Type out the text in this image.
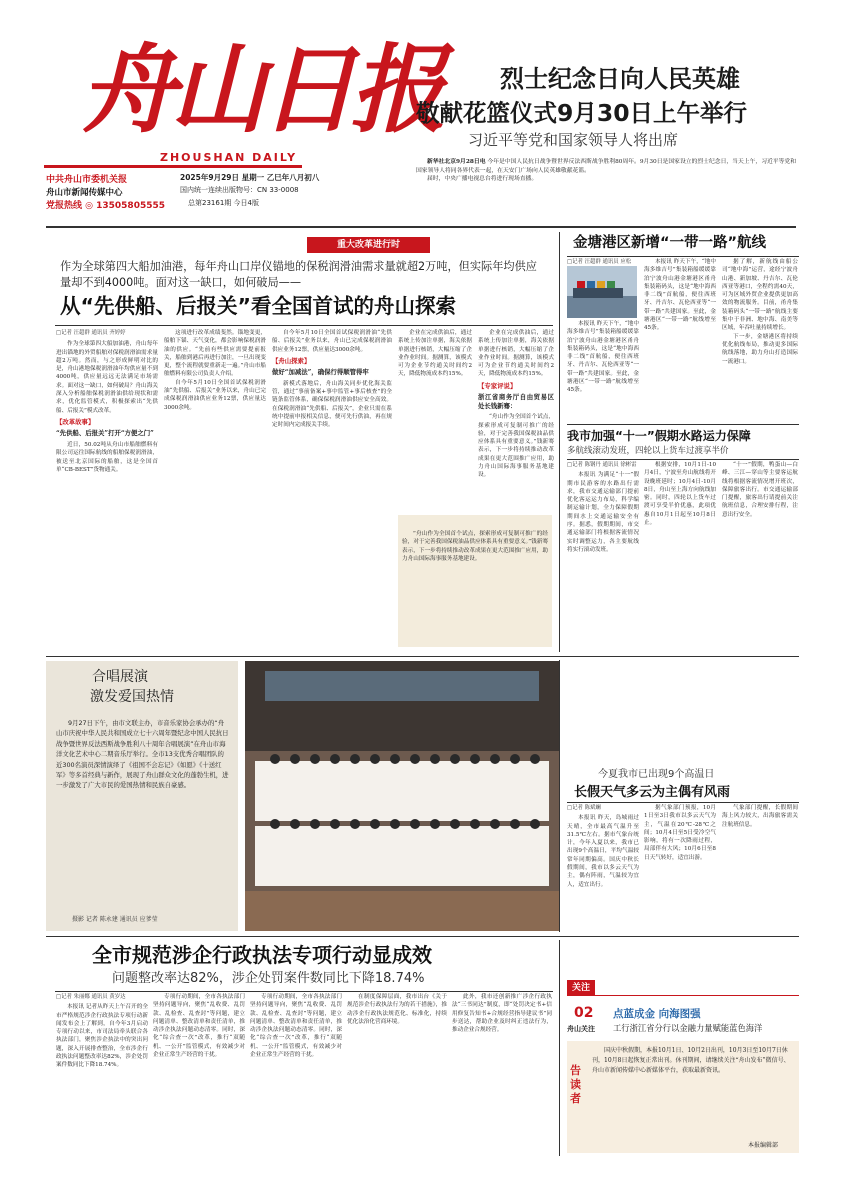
舟山日报
ZHOUSHAN DAILY
中共舟山市委机关报
舟山市新闻传媒中心
党报热线 ◎ 13505805555
2025年9月29日 星期一 乙巳年八月初八
国内统一连续出版物号：CN 33-0008
总第23161期 今日4版
烈士纪念日向人民英雄
敬献花篮仪式9月30日上午举行
习近平等党和国家领导人将出席

新华社北京9月28日电 今年是中国人民抗日战争暨世界反法西斯战争胜利80周年。9月30日是国家设立的烈士纪念日，当天上午，习近平等党和国家领导人将同各界代表一起，在天安门广场向人民英雄敬献花篮。

届时，中央广播电视总台将进行现场直播。

重大改革进行时
作为全球第四大船加油港，每年舟山口岸仪锚地的保税润滑油需求量就超2万吨，但实际年均供应量却不到4000吨。面对这一缺口，如何破局——
从“先供船、后报关”看全国首试的舟山探索
□记者 汪超群 通讯员 齐婷婷

作为全球第四大船加油港，舟山每年进出锚地的外贸船舶对保税润滑油需求量超2万吨。然而，与之形成鲜明对比的是，舟山港地保税润滑油年均供应量不到4000吨，供应量远远无法满足市场需求。面对这一缺口，如何破局？舟山海关深入分析船舶保税润滑油供给现状和需求，优化监管模式，积极探索出“先供船、后报关”模式改革。

【改革故事】
“先供船、后报关”打开“方便之门”

近日，50.02吨从舟山市船舶燃料有限公司运往国际航线的船舶保税润滑油，被送至北京国际的船舶，这是全国首单“CB-BEST”货物通关。

这项进行改革成绩斐然。锚地变更，船舶下锚、天气变化，都会影响保税润滑油的供应。“先前有些供应需要提前报关，船舶到港后再进行加注，一旦出现变更，整个流程就要重新走一遍。”舟山市船舶燃料有限公司负责人介绍。

自今年5月10日全国首试保税润滑油“先供船、后报关”业务以来，舟山已完成保税润滑油供应业务12票，供应量达3000余吨。

自今年5月10日全国首试保税润滑油“先供船、后报关”业务以来，舟山已完成保税润滑油供应业务12票，供应量达3000余吨。

【舟山探索】
做好“加减法”，确保行得顺管得牢

新模式落地后，舟山海关同步优化海关监管，通过“事前备案+事中监管+事后核查”的全链条监管体系，确保保税润滑油供应安全高效。在保税润滑油“先供船、后报关”，企业只需在系统中提前申报相关信息，便可先行供油，再在规定时间内完成报关手续。

企业在完成供油后，通过系统上传加注单据，海关依据单据进行核销，大幅压缩了企业作业时间。据测算，该模式可为企业节约通关时间约2天，降低物流成本约15%。

企业在完成供油后，通过系统上传加注单据，海关依据单据进行核销，大幅压缩了企业作业时间。据测算，该模式可为企业节约通关时间约2天，降低物流成本约15%。

【专家评说】
浙江省商务厅自由贸易区处长钱新骞：

“舟山作为全国首个试点，探索形成可复制可推广的经验，对于完善我国保税油品供应体系具有重要意义。”钱新骞表示，下一步将持续推动改革成果在更大范围推广应用，助力舟山国际海事服务基地建设。

“舟山作为全国首个试点，探索形成可复制可推广的经验，对于完善我国保税油品供应体系具有重要意义。”钱新骞表示，下一步将持续推动改革成果在更大范围推广应用，助力舟山国际海事服务基地建设。

金塘港区新增“一带一路”航线
□记者 汪超群 通讯员 应松

本报讯 昨天下午，“地中海多维吉号”集装箱船缓缓靠泊宁波舟山港金塘港区甬舟集装箱码头，这是“地中海西非二线”首航船，便往西班牙、丹吉尔、瓦伦西亚等“一带一路”共建国家。至此，金塘港区“一带一路”航线增至45条。

本报讯 昨天下午，“地中海多维吉号”集装箱船缓缓靠泊宁波舟山港金塘港区甬舟集装箱码头，这是“地中海西非二线”首航船，便往西班牙、丹吉尔、瓦伦西亚等“一带一路”共建国家。至此，金塘港区“一带一路”航线增至45条。

据了解，新航线由船公司“地中海”运营，途经宁波舟山港、新加坡、丹吉尔、瓦伦西亚等港口，全程约需40天，可为区域外贸企业提供更加高效的物流服务。目前，甬舟集装箱码头“一带一路”航线主要集中于非洲、地中海、南美等区域，年吞吐量持续增长。

下一步，金塘港区将持续优化航线布局，推动更多国际航线落地，助力舟山打造国际一流港口。

我市加强“十一”假期水路运力保障
多航线滚动发班，四轮以上货车过渡享半价
□记者 陈钢丹 通讯员 徐彬雷

本报讯 为满足“十一”假期市民游客的水路出行需求，我市交通运输部门提前优化客运运力布局，科学编制运输计划，全力保障假期期间水上交通运输安全有序。据悉，假期期间，市交通运输部门将根据客流情况实时调整运力，各主要航线将实行滚动发班。

根据安排，10月1日-10月4日，宁波至舟山航线将开设晚班延时；10月4日-10月8日，舟山至上海方向航线加密。同时，四轮以上货车过渡可享受半价优惠，此项优惠自10月1日起至10月8日止。

“十一”假期，鸭蛋山—白峰、三江—穿山等主要客运航线将根据客流情况增开班次，保障旅客出行。市交通运输部门提醒，旅客出行请提前关注航班信息，合理安排行程，注意出行安全。

合唱展演
激发爱国热情
9月27日下午，由市文联主办，市音乐家协会承办的“舟山市庆祝中华人民共和国成立七十六周年暨纪念中国人民抗日战争暨世界反法西斯战争胜利八十周年合唱展演”在舟山市海洋文化艺术中心二期音乐厅举行。全市13支优秀合唱团队的近300名演员深情演绎了《祖国不会忘记》《如愿》《十送红军》等多首经典与新作，展现了舟山群众文化的蓬勃生机，进一步激发了广大市民的爱国热情和民族自豪感。
摄影 记者 陈永建 通讯员 应爹莹
今夏我市已出现9个高温日
长假天气多云为主偶有风雨
□记者 陈斌斓

本报讯 昨天，岛城雨过天晴，全市最高气温升至31.5℃左右。据市气象台统计，今年入夏以来，我市已出现9个高温日，平均气温较常年同期偏高。国庆中秋长假期间，我市以多云天气为主，偶有阵雨，气温较为宜人，适宜出行。

据气象部门预报，10月1日至3日我市以多云天气为主，气温在20℃-28℃之间；10月4日至5日受冷空气影响，将有一次降雨过程，局部伴有大风；10月6日至8日天气转好，适宜出游。

气象部门提醒，长假期间海上风力较大，出海旅客需关注航班信息。

全市规范涉企行政执法专项行动显成效
问题整改率达82%，涉企处罚案件数同比下降18.74%
□记者 朱丽娜 通讯员 黄岁达

本报讯 记者从昨天上午召开的全市严格规范涉企行政执法专项行动新闻发布会上了解到，自今年3月启动专项行动以来，市司法局牵头联合各执法部门，聚焦涉企执法中的突出问题，深入开展排查整治，全市涉企行政执法问题整改率达82%，涉企处罚案件数同比下降18.74%。

专项行动期间，全市各执法部门坚持问题导向，聚焦“乱收费、乱罚款、乱检查、乱查封”等问题，建立问题清单、整改清单和责任清单，推动涉企执法问题动态清零。同时，深化“综合查一次”改革，推行“双随机、一公开”监管模式，有效减少对企业正常生产经营的干扰。

专项行动期间，全市各执法部门坚持问题导向，聚焦“乱收费、乱罚款、乱检查、乱查封”等问题，建立问题清单、整改清单和责任清单，推动涉企执法问题动态清零。同时，深化“综合查一次”改革，推行“双随机、一公开”监管模式，有效减少对企业正常生产经营的干扰。

在制度保障层面，我市出台《关于规范涉企行政执法行为的若干措施》，推动涉企行政执法规范化、标准化，持续优化法治化营商环境。

此外，我市还创新推广涉企行政执法“三书同达”制度，即“处罚决定书+信用修复告知书+合规经营指导建议书”同步送达，帮助企业及时纠正违法行为，推动企业合规经营。

关注
02
舟山关注
点蓝成金 向海图强
工行浙江省分行以金融力量赋能蓝色海洋
告读者
国庆中秋假期，本报10月1日、10月2日出刊，10月3日至10月7日休刊，10月8日起恢复正常出刊。休刊期间，请继续关注“舟山发布”微信号、舟山市新闻传媒中心新媒体平台，获取最新资讯。
本报编辑部
